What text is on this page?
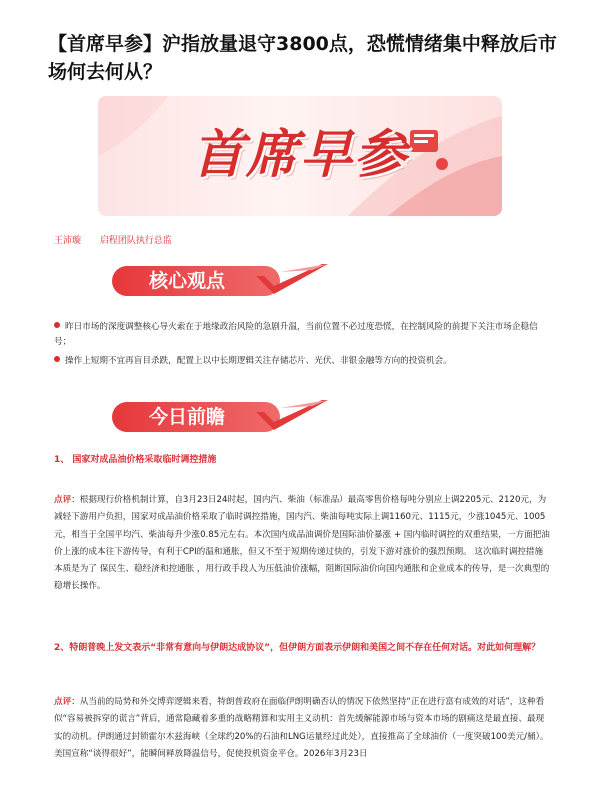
【首席早参】沪指放量退守3800点，恐慌情绪集中释放后市场何去何从？
首席早参
王沛璇 启程团队执行总监
核心观点
昨日市场的深度调整核心导火索在于地缘政治风险的急剧升温，当前位置不必过度恐慌，在控制风险的前提下关注市场企稳信号；
操作上短期不宜再盲目杀跌，配置上以中长期逻辑关注存储芯片、光伏、非银金融等方向的投资机会。
今日前瞻
1、 国家对成品油价格采取临时调控措施

点评：根据现行价格机制计算，自3月23日24时起，国内汽、柴油（标准品）最高零售价格每吨分别应上调2205元、2120元，为减轻下游用户负担，国家对成品油价格采取了临时调控措施，国内汽、柴油每吨实际上调1160元、1115元，少涨1045元、1005元，相当于全国平均汽、柴油每升少涨0.85元左右。本次国内成品油调价是国际油价暴涨 + 国内临时调控的双重结果，一方面把油价上涨的成本往下游传导，有利于CPI的温和通胀，但又不至于短期传递过快的，引发下游对涨价的强烈预期。 这次临时调控措施本质是为了 保民生、稳经济和控通胀 ，用行政手段人为压低油价涨幅，阻断国际油价向国内通胀和企业成本的传导，是一次典型的稳增长操作。

2、特朗普晚上发文表示“非常有意向与伊朗达成协议”，但伊朗方面表示伊朗和美国之间不存在任何对话。对此如何理解？

点评：从当前的局势和外交博弈逻辑来看，特朗普政府在面临伊朗明确否认的情况下依然坚持“正在进行富有成效的对话”，这种看似“容易被拆穿的谎言”背后，通常隐藏着多重的战略精算和实用主义动机：首先缓解能源市场与资本市场的剧痛这是最直接、最现实的动机。伊朗通过封锁霍尔木兹海峡（全球约20%的石油和LNG运量经过此处），直接推高了全球油价（一度突破100美元/桶）。美国宣称“谈得很好”，能瞬间释放降温信号，促使投机资金平仓。2026年3月23日
